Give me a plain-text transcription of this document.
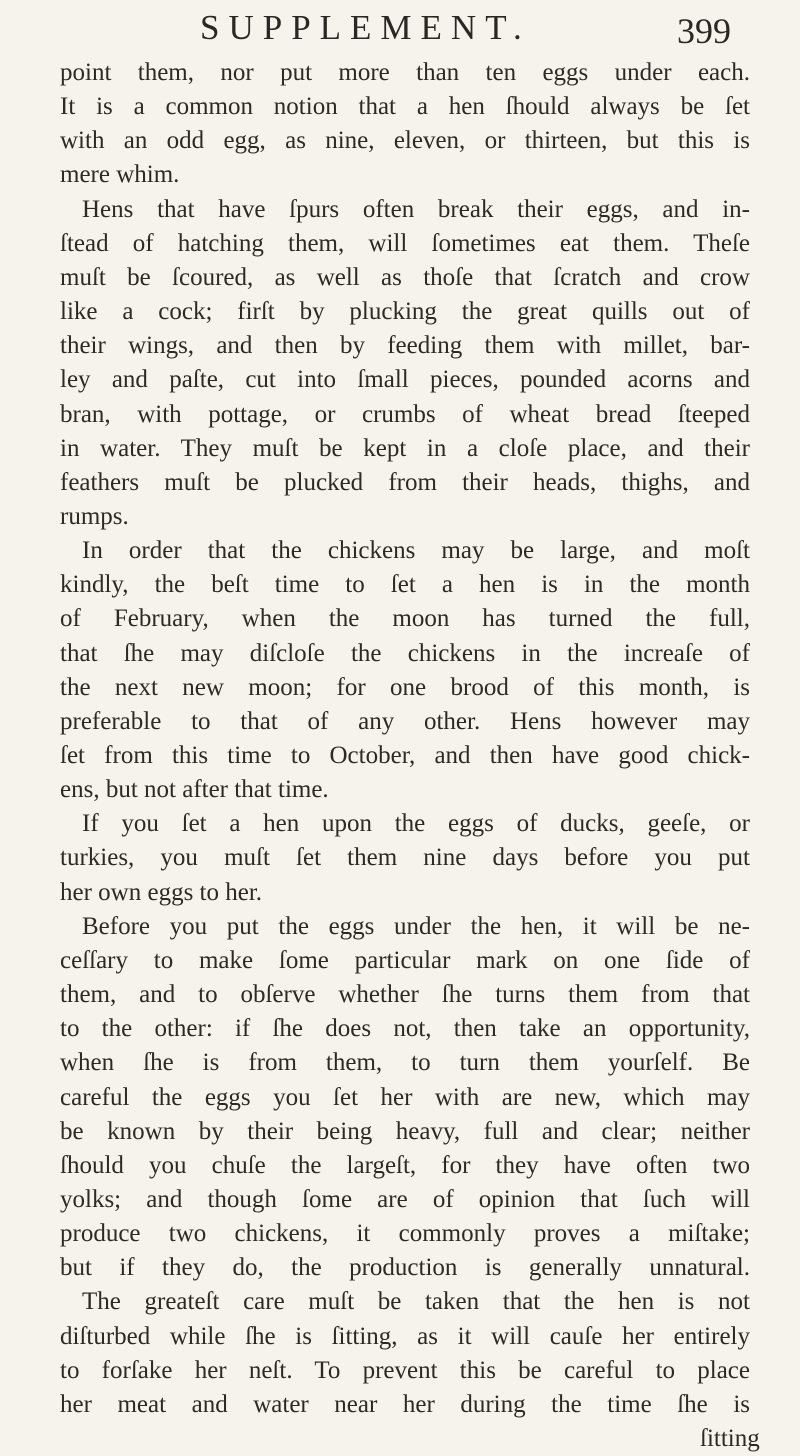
SUPPLEMENT.	399
point them, nor put more than ten eggs under each.
It is a common notion that a hen ſhould always be ſet
with an odd egg, as nine, eleven, or thirteen, but this is
mere whim.
Hens that have ſpurs often break their eggs, and in-
ſtead of hatching them, will ſometimes eat them. Theſe
muſt be ſcoured, as well as thoſe that ſcratch and crow
like a cock; firſt by plucking the great quills out of
their wings, and then by feeding them with millet, bar-
ley and paſte, cut into ſmall pieces, pounded acorns and
bran, with pottage, or crumbs of wheat bread ſteeped
in water. They muſt be kept in a cloſe place, and their
feathers muſt be plucked from their heads, thighs, and
rumps.
In order that the chickens may be large, and moſt
kindly, the beſt time to ſet a hen is in the month
of February, when the moon has turned the full,
that ſhe may diſcloſe the chickens in the increaſe of
the next new moon; for one brood of this month, is
preferable to that of any other. Hens however may
ſet from this time to October, and then have good chick-
ens, but not after that time.
If you ſet a hen upon the eggs of ducks, geeſe, or
turkies, you muſt ſet them nine days before you put
her own eggs to her.
Before you put the eggs under the hen, it will be ne-
ceſſary to make ſome particular mark on one ſide of
them, and to obſerve whether ſhe turns them from that
to the other: if ſhe does not, then take an opportunity,
when ſhe is from them, to turn them yourſelf. Be
careful the eggs you ſet her with are new, which may
be known by their being heavy, full and clear; neither
ſhould you chuſe the largeſt, for they have often two
yolks; and though ſome are of opinion that ſuch will
produce two chickens, it commonly proves a miſtake;
but if they do, the production is generally unnatural.
The greateſt care muſt be taken that the hen is not
diſturbed while ſhe is ſitting, as it will cauſe her entirely
to forſake her neſt. To prevent this be careful to place
her meat and water near her during the time ſhe is
ſitting
